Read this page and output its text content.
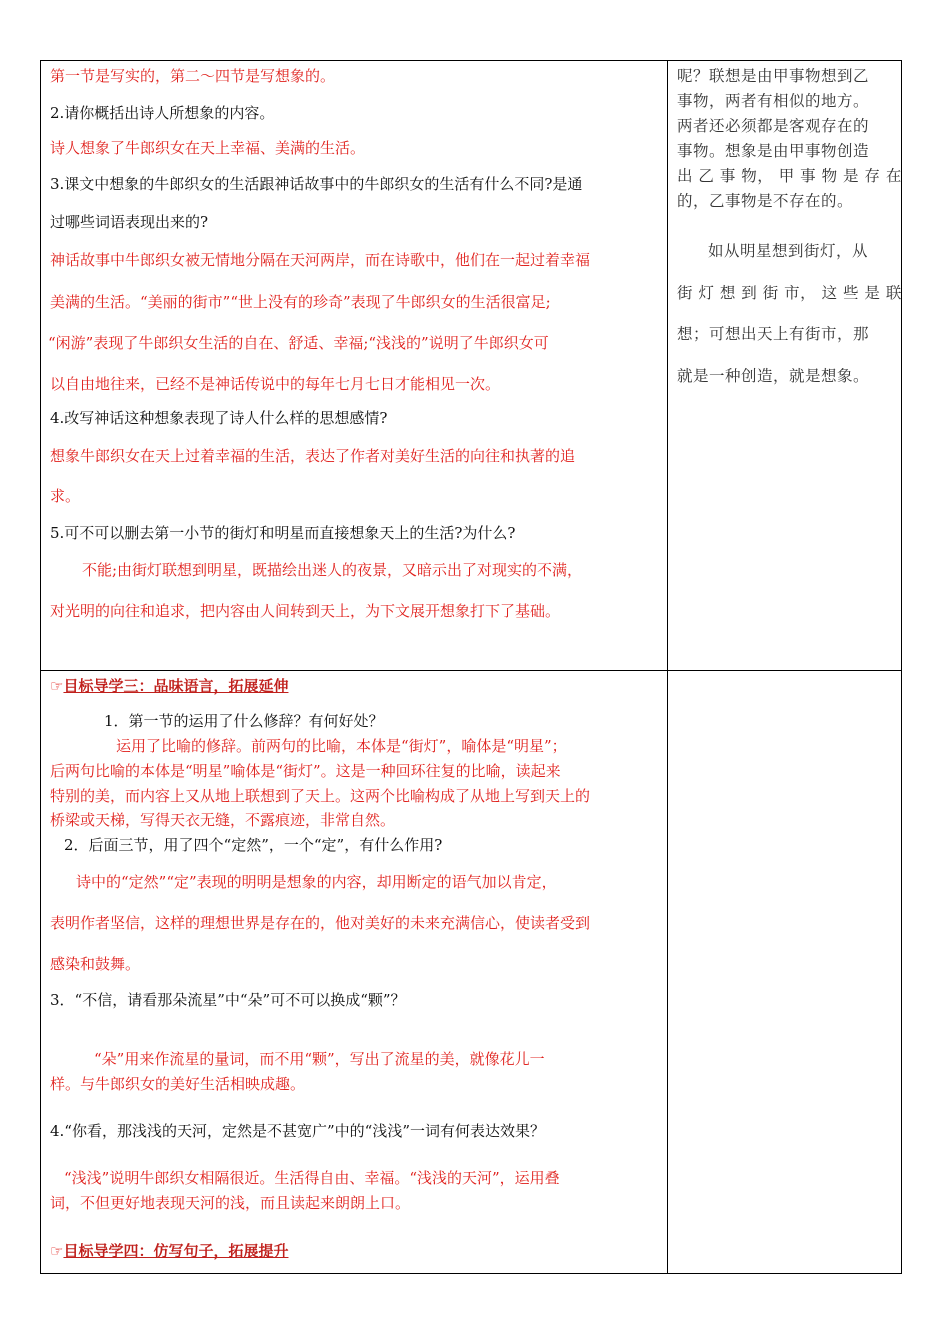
第一节是写实的，第二～四节是写想象的。
2.请你概括出诗人所想象的内容。
诗人想象了牛郎织女在天上幸福、美满的生活。
3.课文中想象的牛郎织女的生活跟神话故事中的牛郎织女的生活有什么不同?是通
过哪些词语表现出来的?
神话故事中牛郎织女被无情地分隔在天河两岸，而在诗歌中，他们在一起过着幸福
美满的生活。“美丽的街市”“世上没有的珍奇”表现了牛郎织女的生活很富足;
“闲游”表现了牛郎织女生活的自在、舒适、幸福;“浅浅的”说明了牛郎织女可
以自由地往来，已经不是神话传说中的每年七月七日才能相见一次。
4.改写神话这种想象表现了诗人什么样的思想感情?
想象牛郎织女在天上过着幸福的生活，表达了作者对美好生活的向往和执著的追
求。
5.可不可以删去第一小节的街灯和明星而直接想象天上的生活?为什么?
不能;由街灯联想到明星，既描绘出迷人的夜景，又暗示出了对现实的不满，
对光明的向往和追求，把内容由人间转到天上，为下文展开想象打下了基础。
呢？联想是由甲事物想到乙
事物，两者有相似的地方。
两者还必须都是客观存在的
事物。想象是由甲事物创造
出 乙 事 物， 甲 事 物 是 存 在
的，乙事物是不存在的。
如从明星想到街灯，从
街 灯 想 到 街 市， 这 些 是 联
想；可想出天上有街市，那
就是一种创造，就是想象。
☞目标导学三：品味语言，拓展延伸
1．第一节的运用了什么修辞？有何好处？
运用了比喻的修辞。前两句的比喻，本体是“街灯”，喻体是“明星”；
后两句比喻的本体是“明星”喻体是“街灯”。这是一种回环往复的比喻，读起来
特别的美，而内容上又从地上联想到了天上。这两个比喻构成了从地上写到天上的
桥梁或天梯，写得天衣无缝，不露痕迹，非常自然。
2．后面三节，用了四个“定然”，一个“定”，有什么作用?
诗中的“定然”“定”表现的明明是想象的内容，却用断定的语气加以肯定，
表明作者坚信，这样的理想世界是存在的，他对美好的未来充满信心，使读者受到
感染和鼓舞。
3．“不信，请看那朵流星”中“朵”可不可以换成“颗”？
“朵”用来作流星的量词，而不用“颗”，写出了流星的美，就像花儿一
样。与牛郎织女的美好生活相映成趣。
4.“你看，那浅浅的天河，定然是不甚宽广”中的“浅浅”一词有何表达效果？
“浅浅”说明牛郎织女相隔很近。生活得自由、幸福。“浅浅的天河”，运用叠
词，不但更好地表现天河的浅，而且读起来朗朗上口。
☞目标导学四：仿写句子，拓展提升
